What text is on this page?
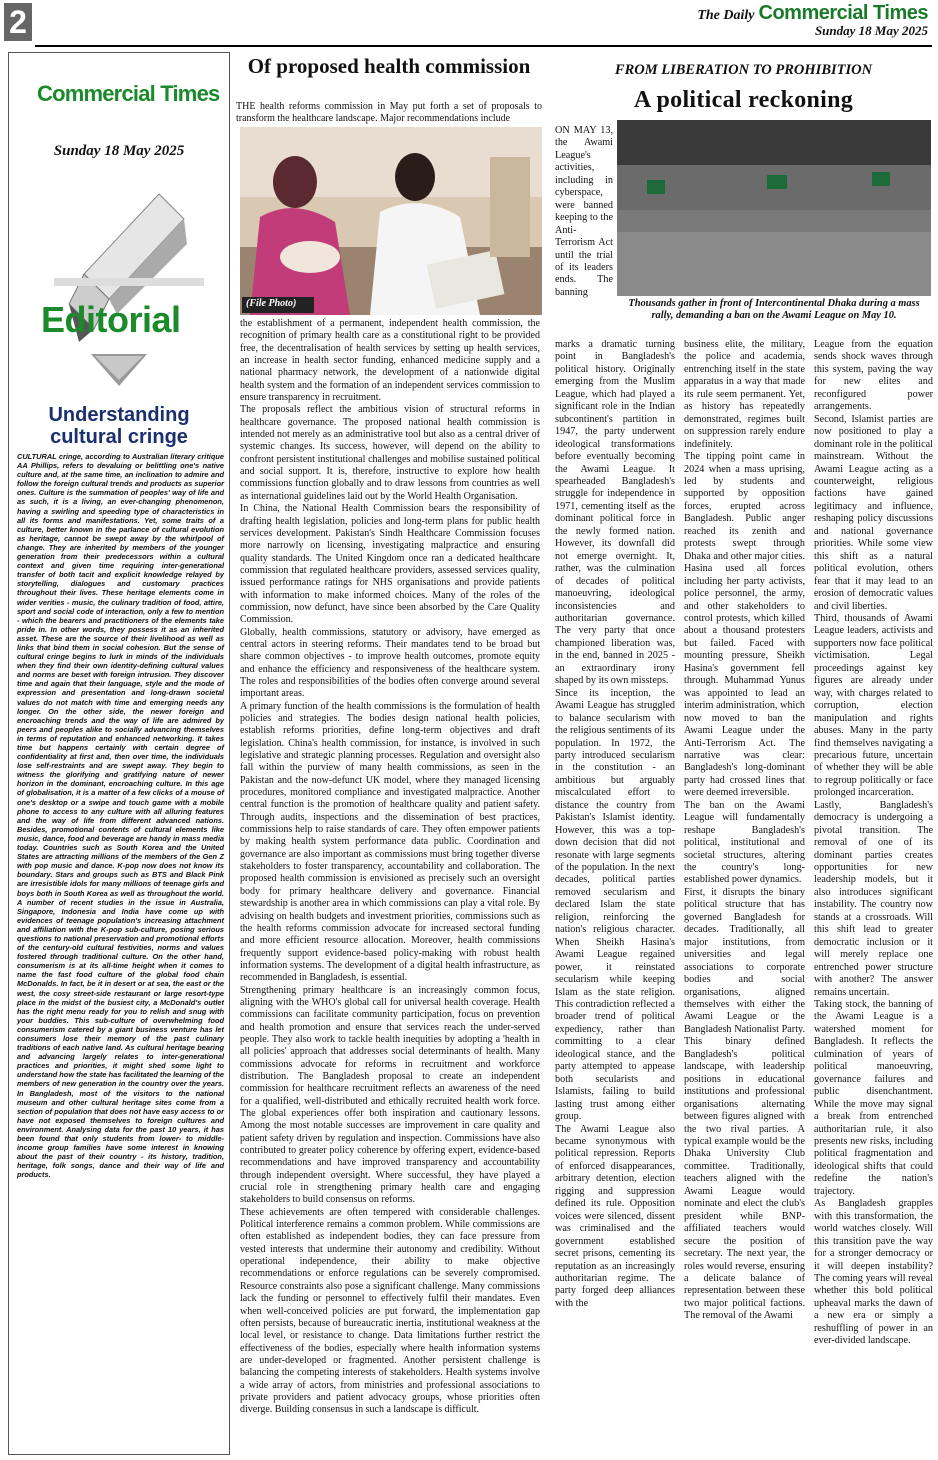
2	The Daily Commercial Times
Sunday 18 May 2025
Commercial Times
Sunday 18 May 2025
Editorial
Understanding cultural cringe
CULTURAL cringe, according to Australian literary critique AA Phillips, refers to devaluing or belittling one's native culture and, at the same time, an inclination to admire and follow the foreign cultural trends and products as superior ones. Culture is the summation of peoples' way of life and as such, it is a living, an ever-changing phenomenon, having a swirling and speeding type of characteristics in all its forms and manifestations. Yet, some traits of a culture, better known in the parlance of cultural evolution as heritage, cannot be swept away by the whirlpool of change. They are inherited by members of the younger generation from their predecessors within a cultural context and given time requiring inter-generational transfer of both tacit and explicit knowledge relayed by storytelling, dialogues and customary practices throughout their lives. These heritage elements come in wider verities - music, the culinary tradition of food, attire, sport and social code of interaction, only a few to mention - which the bearers and practitioners of the elements take pride in. In other words, they possess it as an inherited asset. These are the source of their livelihood as well as links that bind them in social cohesion. But the sense of cultural cringe begins to lurk in minds of the individuals when they find their own identity-defining cultural values and norms are beset with foreign intrusion. They discover time and again that their language, style and the mode of expression and presentation and long-drawn societal values do not match with time and emerging needs any longer. On the other side, the newer foreign and encroaching trends and the way of life are admired by peers and peoples alike to socially advancing themselves in terms of reputation and enhanced networking. It takes time but happens certainly with certain degree of confidentiality at first and, then over time, the individuals lose self-restraints and are swept away. They begin to witness the glorifying and gratifying nature of newer horizon in the dominant, encroaching culture. In this age of globalisation, it is a matter of a few clicks of a mouse of one's desktop or a swipe and touch game with a mobile phone to access to any culture with all alluring features and the way of life from different advanced nations. Besides, promotional contents of cultural elements like music, dance, food and beverage are handy in mass media today. Countries such as South Korea and the United States are attracting millions of the members of the Gen Z with pop music and dance. K-pop now does not know its boundary. Stars and groups such as BTS and Black Pink are irresistible idols for many millions of teenage girls and boys both in South Korea as well as throughout the world. A number of recent studies in the issue in Australia, Singapore, Indonesia and India have come up with evidences of teenage population's increasing attachment and affiliation with the K-pop sub-culture, posing serious questions to national preservation and promotional efforts of the century-old cultural festivities, norms and values fostered through traditional culture. On the other hand, consumerism is at its all-time height when it comes to name the fast food culture of the global food chain McDonalds. In fact, be it in desert or at sea, the east or the west, the cosy street-side restaurant or large resort-type place in the midst of the busiest city, a McDonald's outlet has the right menu ready for you to relish and snug with your buddies. This sub-culture of overwhelming food consumerism catered by a giant business venture has let consumers lose their memory of the past culinary traditions of each native land. As cultural heritage bearing and advancing largely relates to inter-generational practices and priorities, it might shed some light to understand how the state has facilitated the learning of the members of new generation in the country over the years. In Bangladesh, most of the visitors to the national museum and other cultural heritage sites come from a section of population that does not have easy access to or have not exposed themselves to foreign cultures and environment. Analysing data for the past 10 years, it has been found that only students from lower- to middle-income group families have some interest in knowing about the past of their country - its history, tradition, heritage, folk songs, dance and their way of life and products.
Of proposed health commission
THE health reforms commission in May put forth a set of proposals to transform the healthcare landscape. Major recommendations include
(File Photo)

the establishment of a permanent, independent health commission, the recognition of primary health care as a constitutional right to be provided free, the decentralisation of health services by setting up health services, an increase in health sector funding, enhanced medicine supply and a national pharmacy network, the development of a nationwide digital health system and the formation of an independent services commission to ensure transparency in recruitment.

The proposals reflect the ambitious vision of structural reforms in healthcare governance. The proposed national health commission is intended not merely as an administrative tool but also as a central driver of systemic changes. Its success, however, will depend on the ability to confront persistent institutional challenges and mobilise sustained political and social support. It is, therefore, instructive to explore how health commissions function globally and to draw lessons from countries as well as international guidelines laid out by the World Health Organisation.

In China, the National Health Commission bears the responsibility of drafting health legislation, policies and long-term plans for public health services development. Pakistan's Sindh Healthcare Commission focuses more narrowly on licensing, investigating malpractice and ensuring quality standards. The United Kingdom once ran a dedicated healthcare commission that regulated healthcare providers, assessed services quality, issued performance ratings for NHS organisations and provide patients with information to make informed choices. Many of the roles of the commission, now defunct, have since been absorbed by the Care Quality Commission.

Globally, health commissions, statutory or advisory, have emerged as central actors in steering reforms. Their mandates tend to be broad but share common objectives - to improve health outcomes, promote equity and enhance the efficiency and responsiveness of the healthcare system. The roles and responsibilities of the bodies often converge around several important areas.

A primary function of the health commissions is the formulation of health policies and strategies. The bodies design national health policies, establish reforms priorities, define long-term objectives and draft legislation. China's health commission, for instance, is involved in such legislative and strategic planning processes. Regulation and oversight also fall within the purview of many health commissions, as seen in the Pakistan and the now-defunct UK model, where they managed licensing procedures, monitored compliance and investigated malpractice. Another central function is the promotion of healthcare quality and patient safety. Through audits, inspections and the dissemination of best practices, commissions help to raise standards of care. They often empower patients by making health system performance data public. Coordination and governance are also important as commissions must bring together diverse stakeholders to foster transparency, accountability and collaboration. The proposed health commission is envisioned as precisely such an oversight body for primary healthcare delivery and governance. Financial stewardship is another area in which commissions can play a vital role. By advising on health budgets and investment priorities, commissions such as the health reforms commission advocate for increased sectoral funding and more efficient resource allocation. Moreover, health commissions frequently support evidence-based policy-making with robust health information systems. The development of a digital health infrastructure, as recommended in Bangladesh, is essential.

Strengthening primary healthcare is an increasingly common focus, aligning with the WHO's global call for universal health coverage. Health commissions can facilitate community participation, focus on prevention and health promotion and ensure that services reach the under-served people. They also work to tackle health inequities by adopting a 'health in all policies' approach that addresses social determinants of health. Many commissions advocate for reforms in recruitment and workforce distribution. The Bangladesh proposal to create an independent commission for healthcare recruitment reflects an awareness of the need for a qualified, well-distributed and ethically recruited health work force. The global experiences offer both inspiration and cautionary lessons. Among the most notable successes are improvement in care quality and patient safety driven by regulation and inspection. Commissions have also contributed to greater policy coherence by offering expert, evidence-based recommendations and have improved transparency and accountability through independent oversight. Where successful, they have played a crucial role in strengthening primary health care and engaging stakeholders to build consensus on reforms.

These achievements are often tempered with considerable challenges. Political interference remains a common problem. While commissions are often established as independent bodies, they can face pressure from vested interests that undermine their autonomy and credibility. Without operational independence, their ability to make objective recommendations or enforce regulations can be severely compromised. Resource constraints also pose a significant challenge. Many commissions lack the funding or personnel to effectively fulfil their mandates. Even when well-conceived policies are put forward, the implementation gap often persists, because of bureaucratic inertia, institutional weakness at the local level, or resistance to change. Data limitations further restrict the effectiveness of the bodies, especially where health information systems are under-developed or fragmented. Another persistent challenge is balancing the competing interests of stakeholders. Health systems involve a wide array of actors, from ministries and professional associations to private providers and patient advocacy groups, whose priorities often diverge. Building consensus in such a landscape is difficult.

FROM LIBERATION TO PROHIBITION
A political reckoning
Thousands gather in front of Intercontinental Dhaka during a mass rally, demanding a ban on the Awami League on May 10.
ON MAY 13, the Awami League's activities, including in cyberspace, were banned keeping to the Anti-Terrorism Act until the trial of its leaders ends. The banning

marks a dramatic turning point in Bangladesh's political history. Originally emerging from the Muslim League, which had played a significant role in the Indian subcontinent's partition in 1947, the party underwent ideological transformations before eventually becoming the Awami League. It spearheaded Bangladesh's struggle for independence in 1971, cementing itself as the dominant political force in the newly formed nation. However, its downfall did not emerge overnight. It, rather, was the culmination of decades of political manoeuvring, ideological inconsistencies and authoritarian governance. The very party that once championed liberation was, in the end, banned in 2025 - an extraordinary irony shaped by its own missteps.

Since its inception, the Awami League has struggled to balance secularism with the religious sentiments of its population. In 1972, the party introduced secularism in the constitution - an ambitious but arguably miscalculated effort to distance the country from Pakistan's Islamist identity. However, this was a top-down decision that did not resonate with large segments of the population. In the next decades, political parties removed secularism and declared Islam the state religion, reinforcing the nation's religious character. When Sheikh Hasina's Awami League regained power, it reinstated secularism while keeping Islam as the state religion. This contradiction reflected a broader trend of political expediency, rather than committing to a clear ideological stance, and the party attempted to appease both secularists and Islamists, failing to build lasting trust among either group.

The Awami League also became synonymous with political repression. Reports of enforced disappearances, arbitrary detention, election rigging and suppression defined its rule. Opposition voices were silenced, dissent was criminalised and the government established secret prisons, cementing its reputation as an increasingly authoritarian regime. The party forged deep alliances with the

business elite, the military, the police and academia, entrenching itself in the state apparatus in a way that made its rule seem permanent. Yet, as history has repeatedly demonstrated, regimes built on suppression rarely endure indefinitely.

The tipping point came in 2024 when a mass uprising, led by students and supported by opposition forces, erupted across Bangladesh. Public anger reached its zenith and protests swept through Dhaka and other major cities. Hasina used all forces including her party activists, police personnel, the army, and other stakeholders to control protests, which killed about a thousand protesters but failed. Faced with mounting pressure, Sheikh Hasina's government fell through. Muhammad Yunus was appointed to lead an interim administration, which now moved to ban the Awami League under the Anti-Terrorism Act. The narrative was clear: Bangladesh's long-dominant party had crossed lines that were deemed irreversible.

The ban on the Awami League will fundamentally reshape Bangladesh's political, institutional and societal structures, altering the country's long-established power dynamics.

First, it disrupts the binary political structure that has governed Bangladesh for decades. Traditionally, all major institutions, from universities and legal associations to corporate bodies and social organisations, aligned themselves with either the Awami League or the Bangladesh Nationalist Party. This binary defined Bangladesh's political landscape, with leadership positions in educational institutions and professional organisations alternating between figures aligned with the two rival parties. A typical example would be the Dhaka University Club committee. Traditionally, teachers aligned with the Awami League would nominate and elect the club's president while BNP-affiliated teachers would secure the position of secretary. The next year, the roles would reverse, ensuring a delicate balance of representation between these two major political factions. The removal of the Awami

League from the equation sends shock waves through this system, paving the way for new elites and reconfigured power arrangements.

Second, Islamist parties are now positioned to play a dominant role in the political mainstream. Without the Awami League acting as a counterweight, religious factions have gained legitimacy and influence, reshaping policy discussions and national governance priorities. While some view this shift as a natural political evolution, others fear that it may lead to an erosion of democratic values and civil liberties.

Third, thousands of Awami League leaders, activists and supporters now face political victimisation. Legal proceedings against key figures are already under way, with charges related to corruption, election manipulation and rights abuses. Many in the party find themselves navigating a precarious future, uncertain of whether they will be able to regroup politically or face prolonged incarceration.

Lastly, Bangladesh's democracy is undergoing a pivotal transition. The removal of one of its dominant parties creates opportunities for new leadership models, but it also introduces significant instability. The country now stands at a crossroads. Will this shift lead to greater democratic inclusion or it will merely replace one entrenched power structure with another? The answer remains uncertain.

Taking stock, the banning of the Awami League is a watershed moment for Bangladesh. It reflects the culmination of years of political manoeuvring, governance failures and public disenchantment. While the move may signal a break from entrenched authoritarian rule, it also presents new risks, including political fragmentation and ideological shifts that could redefine the nation's trajectory.

As Bangladesh grapples with this transformation, the world watches closely. Will this transition pave the way for a stronger democracy or it will deepen instability? The coming years will reveal whether this bold political upheaval marks the dawn of a new era or simply a reshuffling of power in an ever-divided landscape.
